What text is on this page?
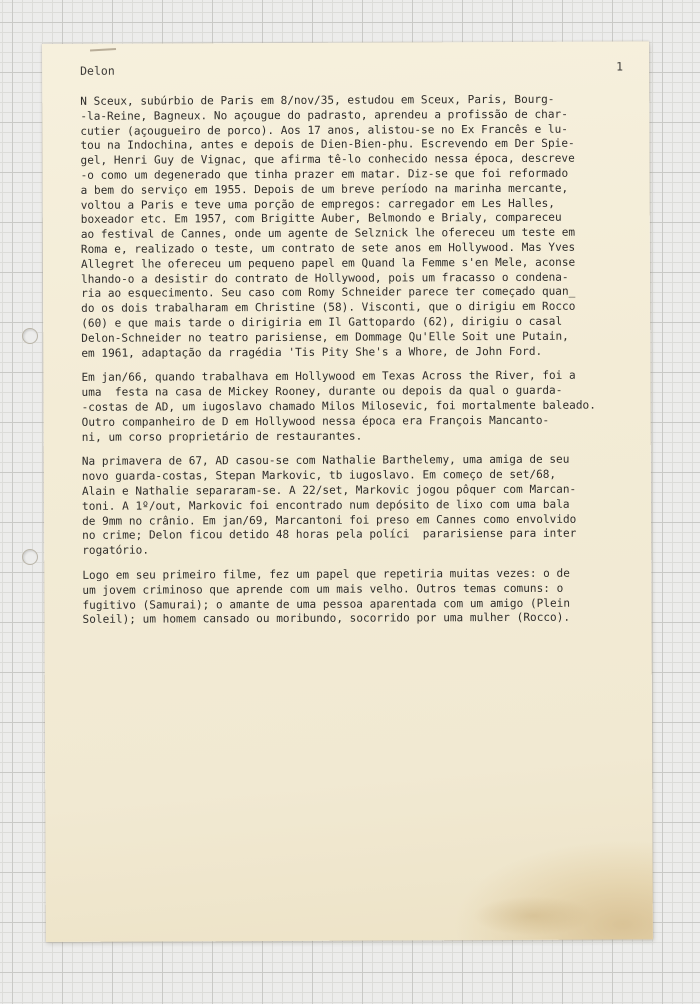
Delon	1

N Sceux, subúrbio de Paris em 8/nov/35, estudou em Sceux, Paris, Bourg-
-la-Reine, Bagneux. No açougue do padrasto, aprendeu a profissão de char-
cutier (açougueiro de porco). Aos 17 anos, alistou-se no Ex Francês e lu-
tou na Indochina, antes e depois de Dien-Bien-phu. Escrevendo em Der Spie-
gel, Henri Guy de Vignac, que afirma tê-lo conhecido nessa época, descreve
-o como um degenerado que tinha prazer em matar. Diz-se que foi reformado
a bem do serviço em 1955. Depois de um breve período na marinha mercante,
voltou a Paris e teve uma porção de empregos: carregador em Les Halles,
boxeador etc. Em 1957, com Brigitte Auber, Belmondo e Brialy, compareceu
ao festival de Cannes, onde um agente de Selznick lhe ofereceu um teste em
Roma e, realizado o teste, um contrato de sete anos em Hollywood. Mas Yves
Allegret lhe ofereceu um pequeno papel em Quand la Femme s'en Mele, aconse
lhando-o a desistir do contrato de Hollywood, pois um fracasso o condena-
ria ao esquecimento. Seu caso com Romy Schneider parece ter começado quan_
do os dois trabalharam em Christine (58). Visconti, que o dirigiu em Rocco
(60) e que mais tarde o dirigiria em Il Gattopardo (62), dirigiu o casal
Delon-Schneider no teatro parisiense, em Dommage Qu'Elle Soit une Putain,
em 1961, adaptação da rragédia 'Tis Pity She's a Whore, de John Ford.

Em jan/66, quando trabalhava em Hollywood em Texas Across the River, foi a
uma  festa na casa de Mickey Rooney, durante ou depois da qual o guarda-
-costas de AD, um iugoslavo chamado Milos Milosevic, foi mortalmente baleado.
Outro companheiro de D em Hollywood nessa época era François Mancanto-
ni, um corso proprietário de restaurantes.

Na primavera de 67, AD casou-se com Nathalie Barthelemy, uma amiga de seu
novo guarda-costas, Stepan Markovic, tb iugoslavo. Em começo de set/68,
Alain e Nathalie separaram-se. A 22/set, Markovic jogou pôquer com Marcan-
toni. A 1º/out, Markovic foi encontrado num depósito de lixo com uma bala
de 9mm no crânio. Em jan/69, Marcantoni foi preso em Cannes como envolvido
no crime; Delon ficou detido 48 horas pela políci  pararisiense para inter
rogatório.

Logo em seu primeiro filme, fez um papel que repetiria muitas vezes: o de
um jovem criminoso que aprende com um mais velho. Outros temas comuns: o
fugitivo (Samurai); o amante de uma pessoa aparentada com um amigo (Plein
Soleil); um homem cansado ou moribundo, socorrido por uma mulher (Rocco).
